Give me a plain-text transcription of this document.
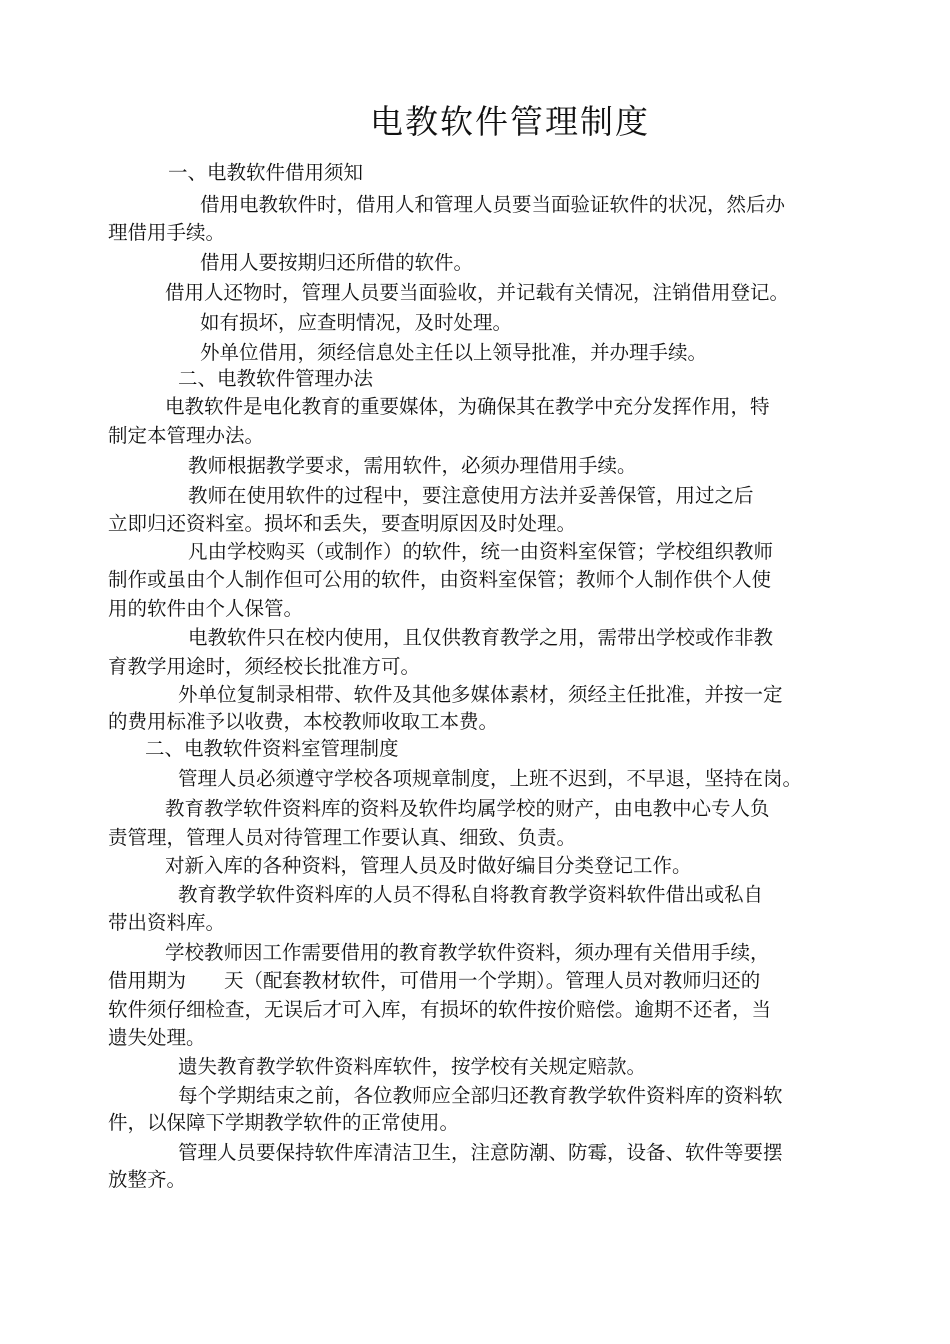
电教软件管理制度
一、电教软件借用须知
借用电教软件时，借用人和管理人员要当面验证软件的状况，然后办
理借用手续。
借用人要按期归还所借的软件。
借用人还物时，管理人员要当面验收，并记载有关情况，注销借用登记。
如有损坏，应查明情况，及时处理。
外单位借用，须经信息处主任以上领导批准，并办理手续。
二、电教软件管理办法
电教软件是电化教育的重要媒体，为确保其在教学中充分发挥作用，特
制定本管理办法。
教师根据教学要求，需用软件，必须办理借用手续。
教师在使用软件的过程中，要注意使用方法并妥善保管，用过之后
立即归还资料室。损坏和丢失，要查明原因及时处理。
凡由学校购买（或制作）的软件，统一由资料室保管；学校组织教师
制作或虽由个人制作但可公用的软件，由资料室保管；教师个人制作供个人使
用的软件由个人保管。
电教软件只在校内使用，且仅供教育教学之用，需带出学校或作非教
育教学用途时，须经校长批准方可。
外单位复制录相带、软件及其他多媒体素材，须经主任批准，并按一定
的费用标准予以收费，本校教师收取工本费。
二、电教软件资料室管理制度
管理人员必须遵守学校各项规章制度，上班不迟到，不早退，坚持在岗。
教育教学软件资料库的资料及软件均属学校的财产，由电教中心专人负
责管理，管理人员对待管理工作要认真、细致、负责。
对新入库的各种资料，管理人员及时做好编目分类登记工作。
教育教学软件资料库的人员不得私自将教育教学资料软件借出或私自
带出资料库。
学校教师因工作需要借用的教育教学软件资料，须办理有关借用手续，
借用期为 天（配套教材软件，可借用一个学期）。管理人员对教师归还的
软件须仔细检查，无误后才可入库，有损坏的软件按价赔偿。逾期不还者，当
遗失处理。
遗失教育教学软件资料库软件，按学校有关规定赔款。
每个学期结束之前，各位教师应全部归还教育教学软件资料库的资料软
件，以保障下学期教学软件的正常使用。
管理人员要保持软件库清洁卫生，注意防潮、防霉，设备、软件等要摆
放整齐。
